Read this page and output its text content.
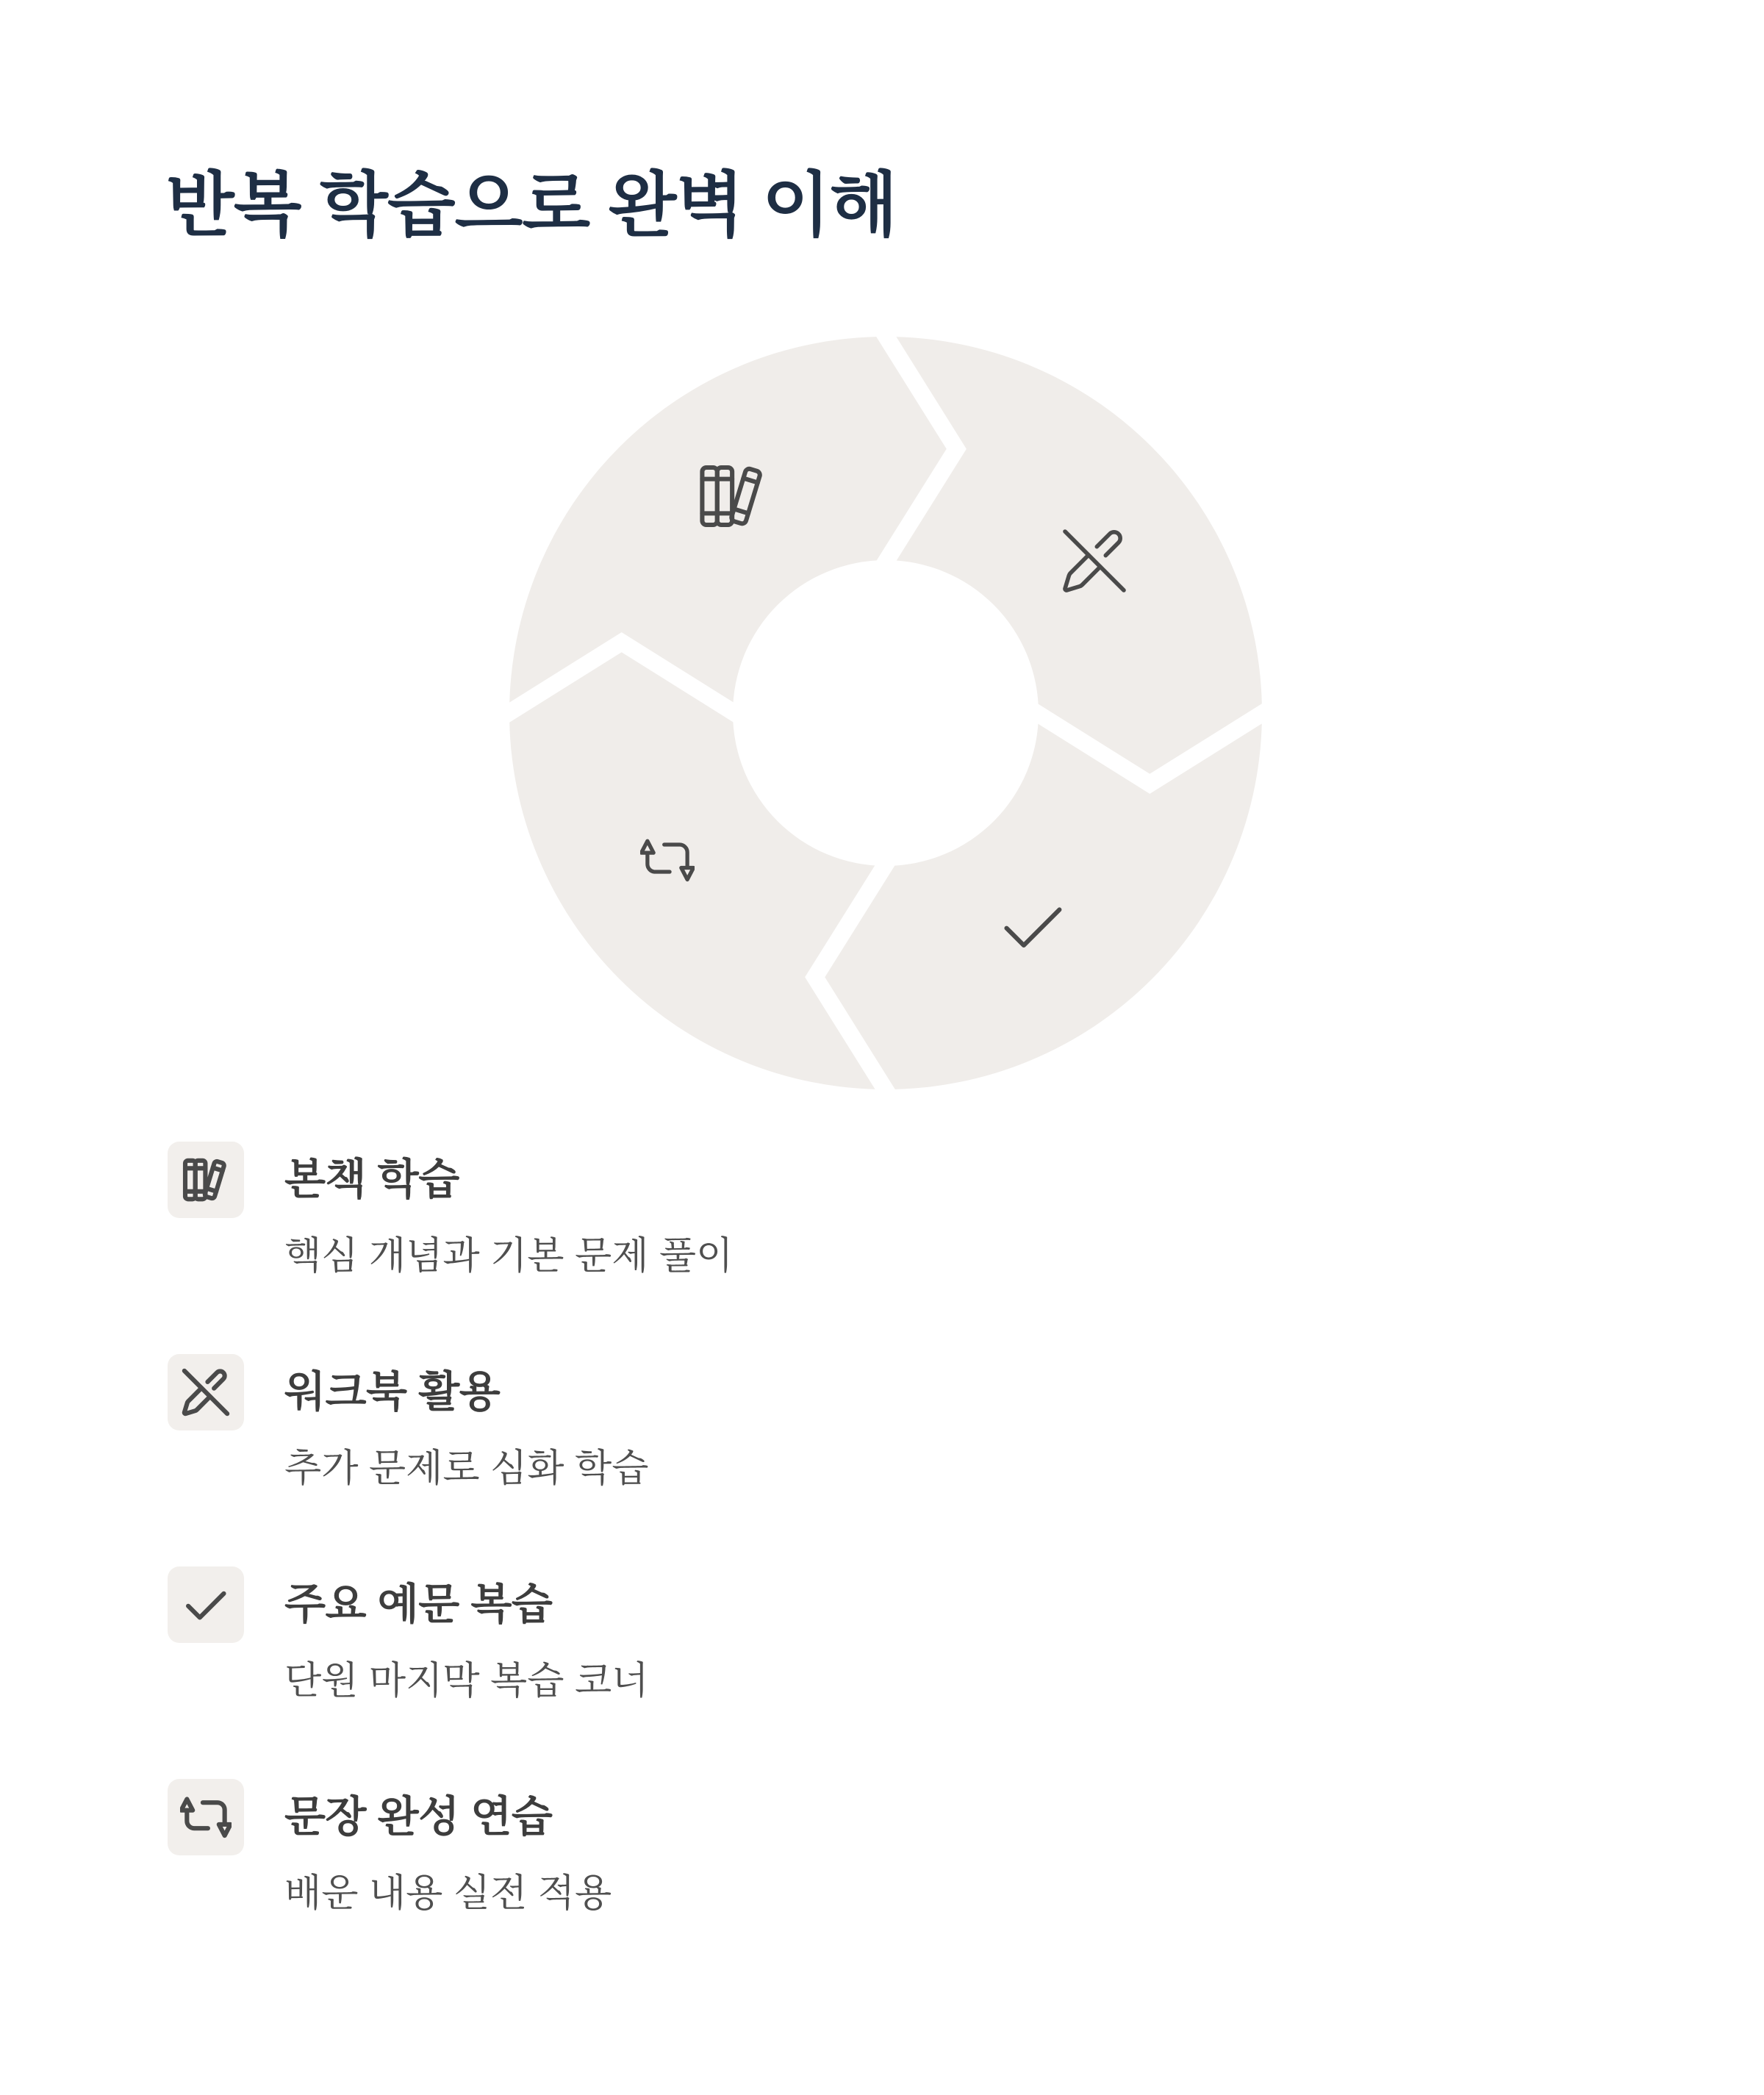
반복 학습으로 완벽 이해
본책 학습
핵심 개념과 기본 문제 풀이
워크북 활용
추가 문제로 심화 학습
주요 예문 복습
단원 마지막 복습 코너
문장 완성 연습
배운 내용 실전 적용
